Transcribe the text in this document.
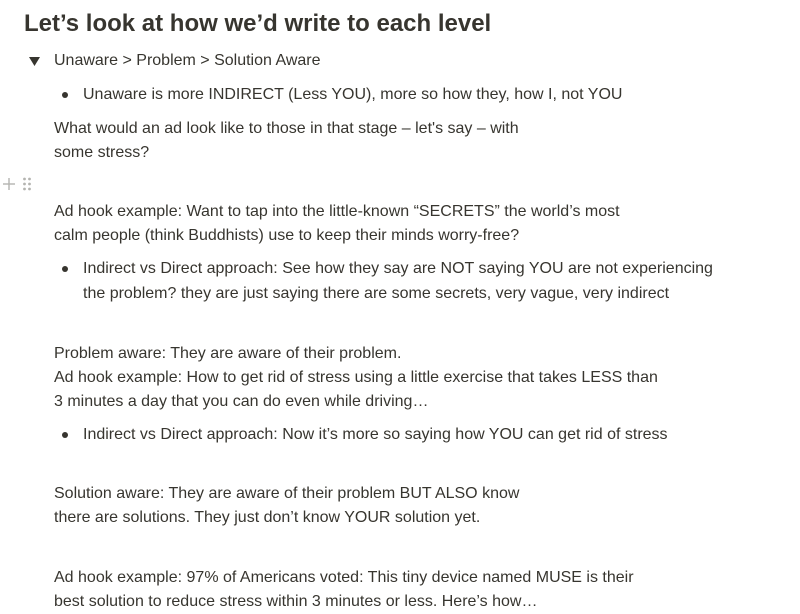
Let’s look at how we’d write to each level
Unaware > Problem > Solution Aware
Unaware is more INDIRECT (Less YOU), more so how they, how I, not YOU
What would an ad look like to those in that stage – let's say – with
some stress?
Ad hook example: Want to tap into the little-known “SECRETS” the world’s most
calm people (think Buddhists) use to keep their minds worry-free?
Indirect vs Direct approach: See how they say are NOT saying YOU are not experiencing
the problem? they are just saying there are some secrets, very vague, very indirect
Problem aware: They are aware of their problem.
Ad hook example: How to get rid of stress using a little exercise that takes LESS than
3 minutes a day that you can do even while driving…
Indirect vs Direct approach: Now it’s more so saying how YOU can get rid of stress
Solution aware: They are aware of their problem BUT ALSO know
there are solutions. They just don’t know YOUR solution yet.
Ad hook example: 97% of Americans voted: This tiny device named MUSE is their
best solution to reduce stress within 3 minutes or less. Here’s how…
